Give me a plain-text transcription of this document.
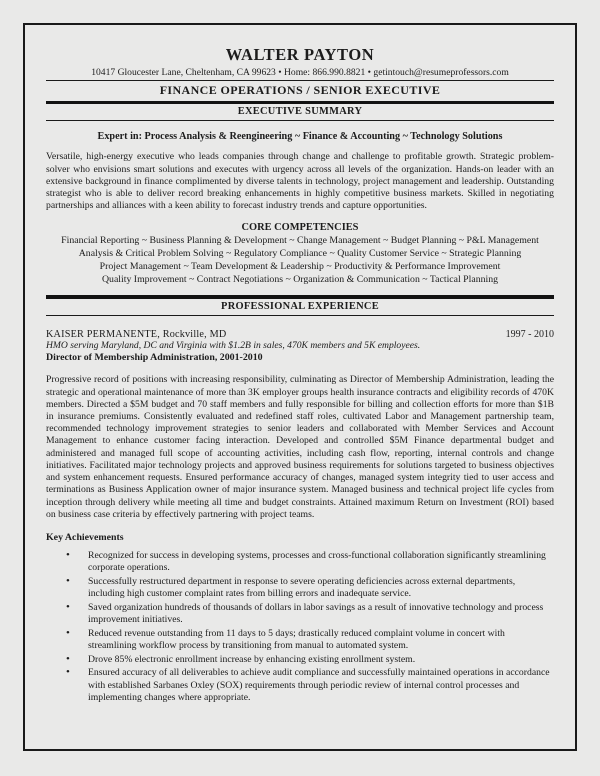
WALTER PAYTON
10417 Gloucester Lane, Cheltenham, CA 99623 • Home: 866.990.8821 • getintouch@resumeprofessors.com
FINANCE OPERATIONS / SENIOR EXECUTIVE
EXECUTIVE SUMMARY
Expert in: Process Analysis & Reengineering ~ Finance & Accounting ~ Technology Solutions
Versatile, high-energy executive who leads companies through change and challenge to profitable growth. Strategic problem-solver who envisions smart solutions and executes with urgency across all levels of the organization. Hands-on leader with an extensive background in finance complimented by diverse talents in technology, project management and leadership. Outstanding strategist who is able to deliver record breaking enhancements in highly competitive business markets. Skilled in negotiating partnerships and alliances with a keen ability to forecast industry trends and capture opportunities.
CORE COMPETENCIES
Financial Reporting ~ Business Planning & Development ~ Change Management ~ Budget Planning ~ P&L Management
Analysis & Critical Problem Solving ~ Regulatory Compliance ~ Quality Customer Service ~ Strategic Planning
Project Management ~ Team Development & Leadership ~ Productivity & Performance Improvement
Quality Improvement ~ Contract Negotiations ~ Organization & Communication ~ Tactical Planning
PROFESSIONAL EXPERIENCE
KAISER PERMANENTE, Rockville, MD	1997 - 2010
HMO serving Maryland, DC and Virginia with $1.2B in sales, 470K members and 5K employees.
Director of Membership Administration, 2001-2010
Progressive record of positions with increasing responsibility, culminating as Director of Membership Administration, leading the strategic and operational maintenance of more than 3K employer groups health insurance contracts and eligibility records of 470K members. Directed a $5M budget and 70 staff members and fully responsible for billing and collection efforts for more than $1B in insurance premiums. Consistently evaluated and redefined staff roles, cultivated Labor and Management partnership team, recommended technology improvement strategies to senior leaders and collaborated with Member Services and Account Management to enhance customer facing interaction. Developed and controlled $5M Finance departmental budget and administered and managed full scope of accounting activities, including cash flow, reporting, internal controls and change initiatives. Facilitated major technology projects and approved business requirements for solutions targeted to business objectives and system enhancement requests. Ensured performance accuracy of changes, managed system integrity tied to user access and terminations as Business Application owner of major insurance system. Managed business and technical project life cycles from inception through delivery while meeting all time and budget constraints. Attained maximum Return on Investment (ROI) based on business case criteria by effectively partnering with project teams.
Key Achievements
• Recognized for success in developing systems, processes and cross-functional collaboration significantly streamlining corporate operations.
• Successfully restructured department in response to severe operating deficiencies across external departments, including high customer complaint rates from billing errors and inadequate service.
• Saved organization hundreds of thousands of dollars in labor savings as a result of innovative technology and process improvement initiatives.
• Reduced revenue outstanding from 11 days to 5 days; drastically reduced complaint volume in concert with streamlining workflow process by transitioning from manual to automated system.
• Drove 85% electronic enrollment increase by enhancing existing enrollment system.
• Ensured accuracy of all deliverables to achieve audit compliance and successfully maintained operations in accordance with established Sarbanes Oxley (SOX) requirements through periodic review of internal control processes and implementing changes where appropriate.
